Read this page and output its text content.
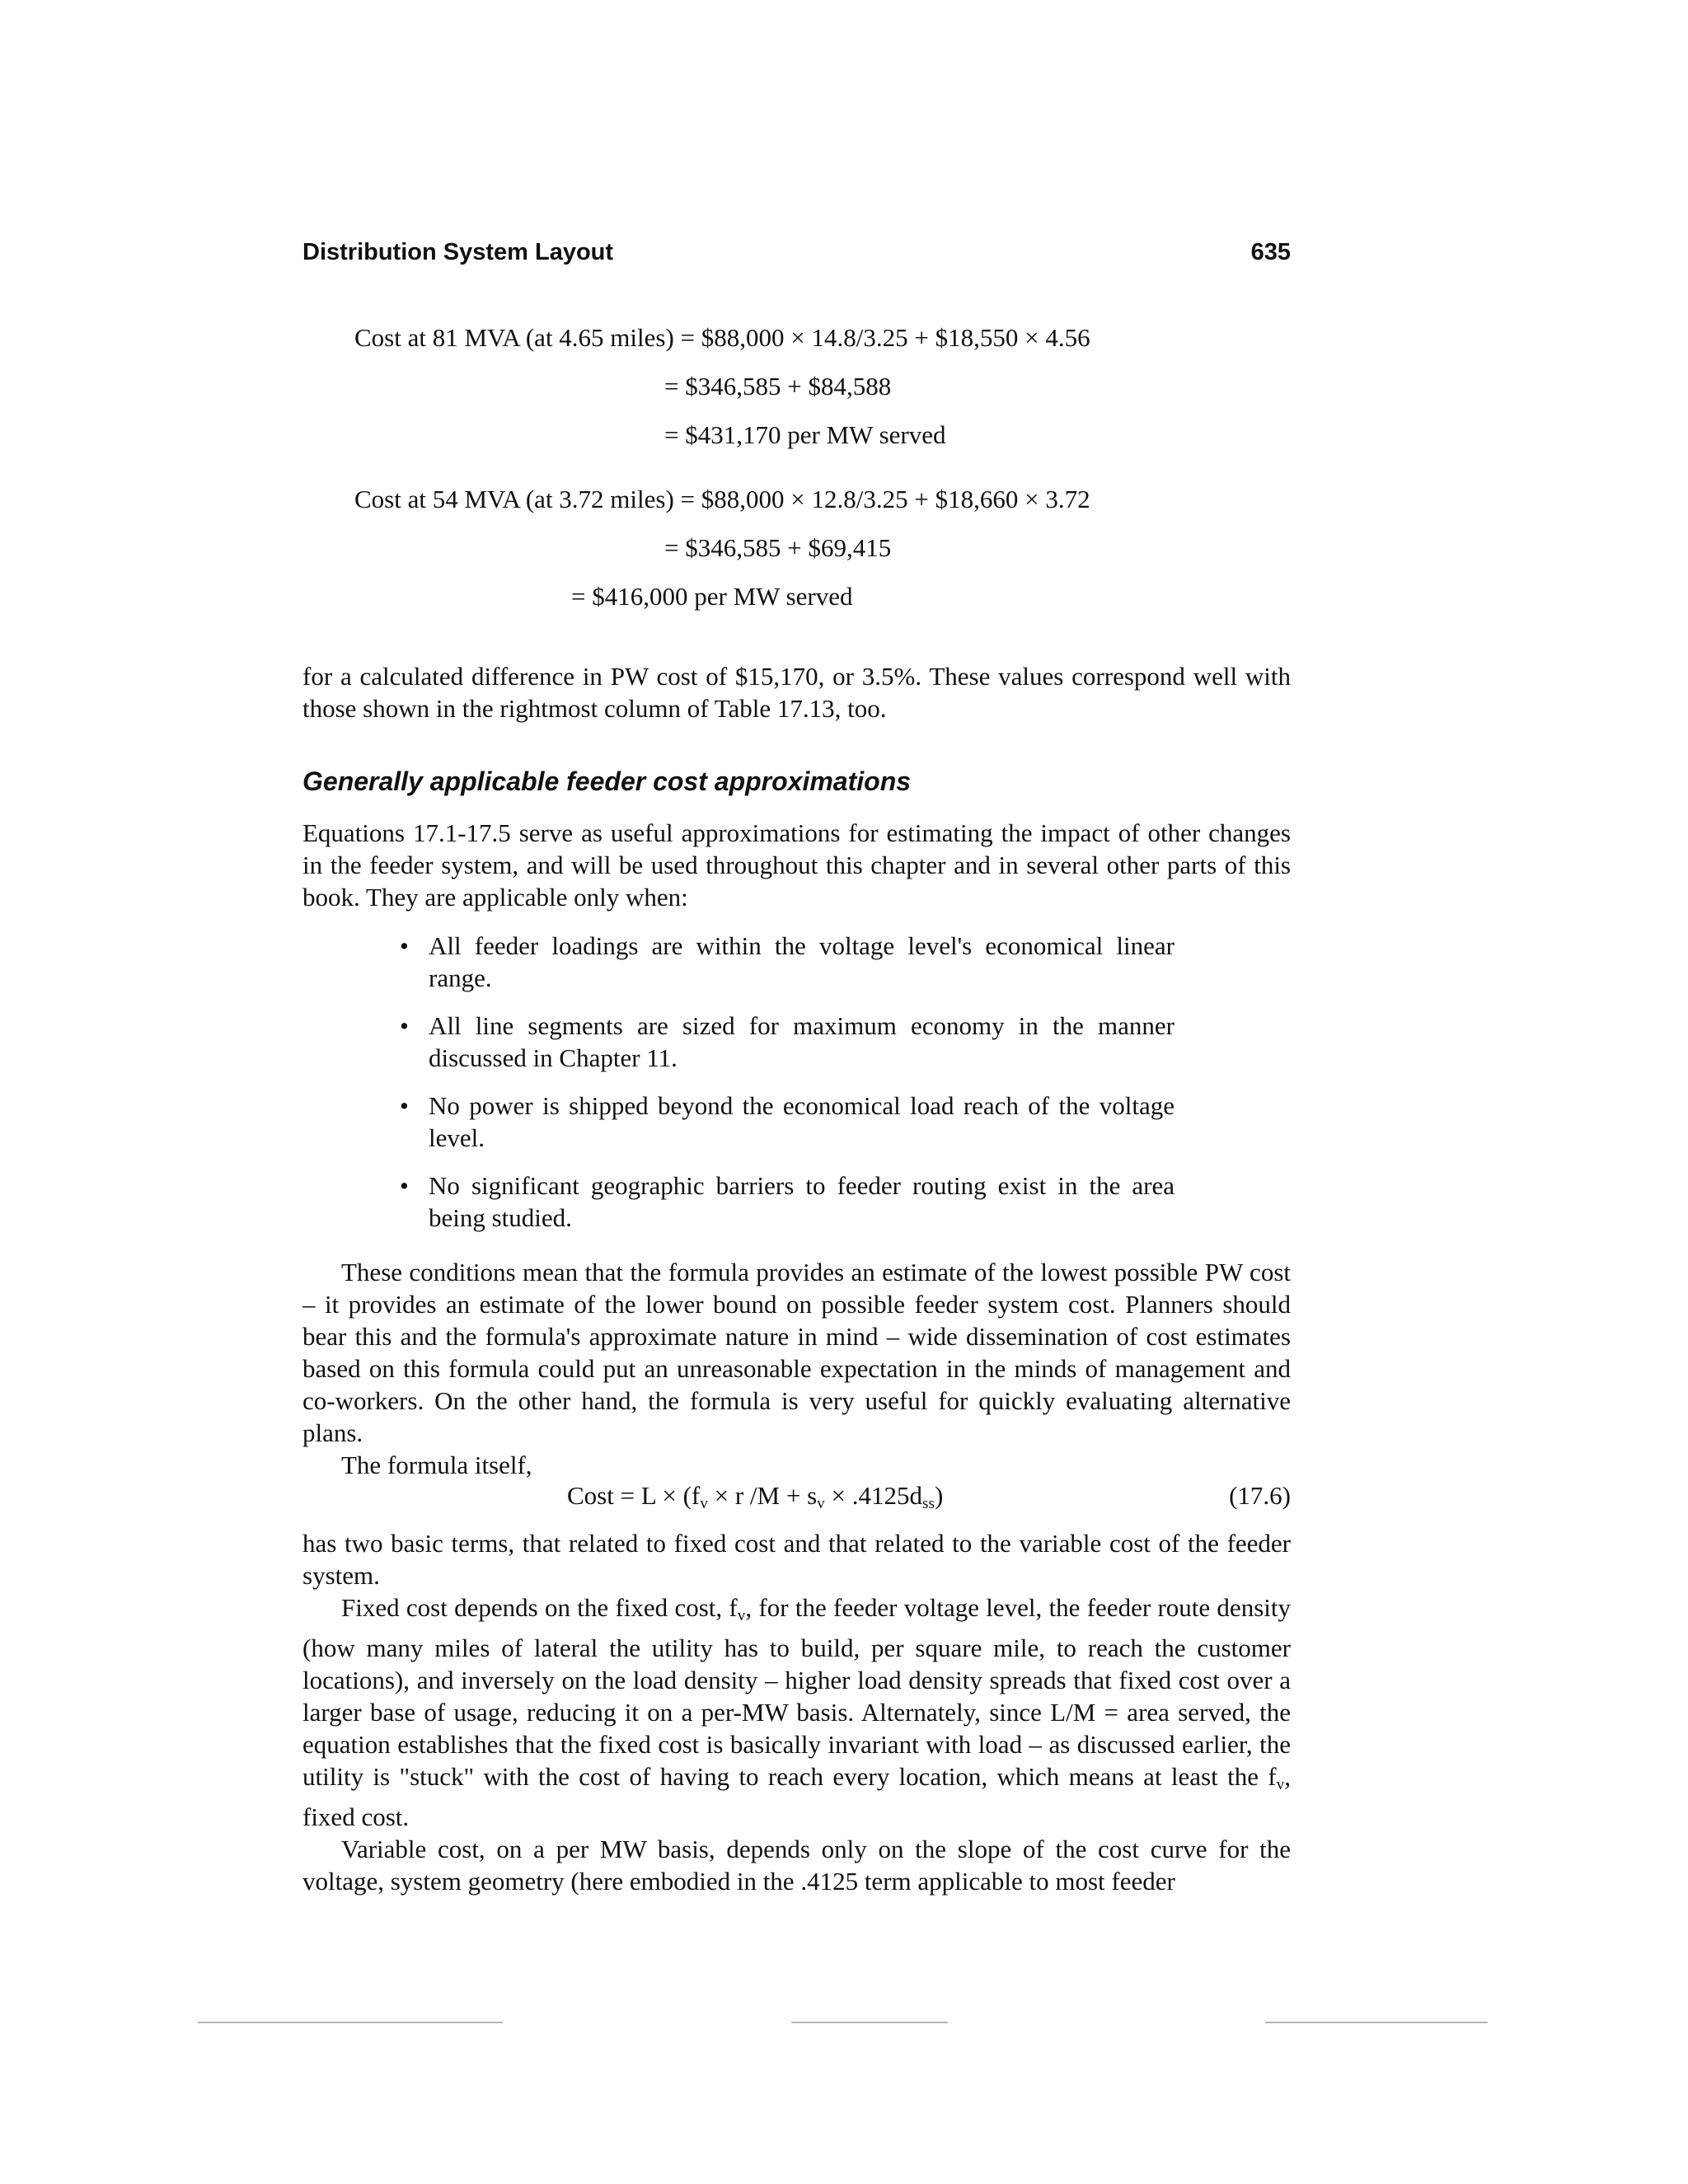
Distribution System Layout	635
Cost at 81 MVA (at 4.65 miles) = $88,000 × 14.8/3.25 + $18,550 × 4.56
= $346,585 + $84,588
= $431,170 per MW served
Cost at 54 MVA (at 3.72 miles) = $88,000 × 12.8/3.25 + $18,660 × 3.72
= $346,585 + $69,415
= $416,000 per MW served

for a calculated difference in PW cost of $15,170, or 3.5%. These values correspond well with those shown in the rightmost column of Table 17.13, too.

Generally applicable feeder cost approximations

Equations 17.1-17.5 serve as useful approximations for estimating the impact of other changes in the feeder system, and will be used throughout this chapter and in several other parts of this book. They are applicable only when:

• All feeder loadings are within the voltage level's economical linear range.
• All line segments are sized for maximum economy in the manner discussed in Chapter 11.
• No power is shipped beyond the economical load reach of the voltage level.
• No significant geographic barriers to feeder routing exist in the area being studied.

These conditions mean that the formula provides an estimate of the lowest possible PW cost – it provides an estimate of the lower bound on possible feeder system cost. Planners should bear this and the formula's approximate nature in mind – wide dissemination of cost estimates based on this formula could put an unreasonable expectation in the minds of management and co-workers. On the other hand, the formula is very useful for quickly evaluating alternative plans.

The formula itself,

Cost = $L \times (f_v \times r$ $/M + s_v \times .4125d_{ss}$)	(17.6)

has two basic terms, that related to fixed cost and that related to the variable cost of the feeder system.

Fixed cost depends on the fixed cost, $f_v$, for the feeder voltage level, the feeder route density (how many miles of lateral the utility has to build, per square mile, to reach the customer locations), and inversely on the load density – higher load density spreads that fixed cost over a larger base of usage, reducing it on a per-MW basis. Alternately, since L/M = area served, the equation establishes that the fixed cost is basically invariant with load – as discussed earlier, the utility is "stuck" with the cost of having to reach every location, which means at least the $f_v$, fixed cost.

Variable cost, on a per MW basis, depends only on the slope of the cost curve for the voltage, system geometry (here embodied in the .4125 term applicable to most feeder
